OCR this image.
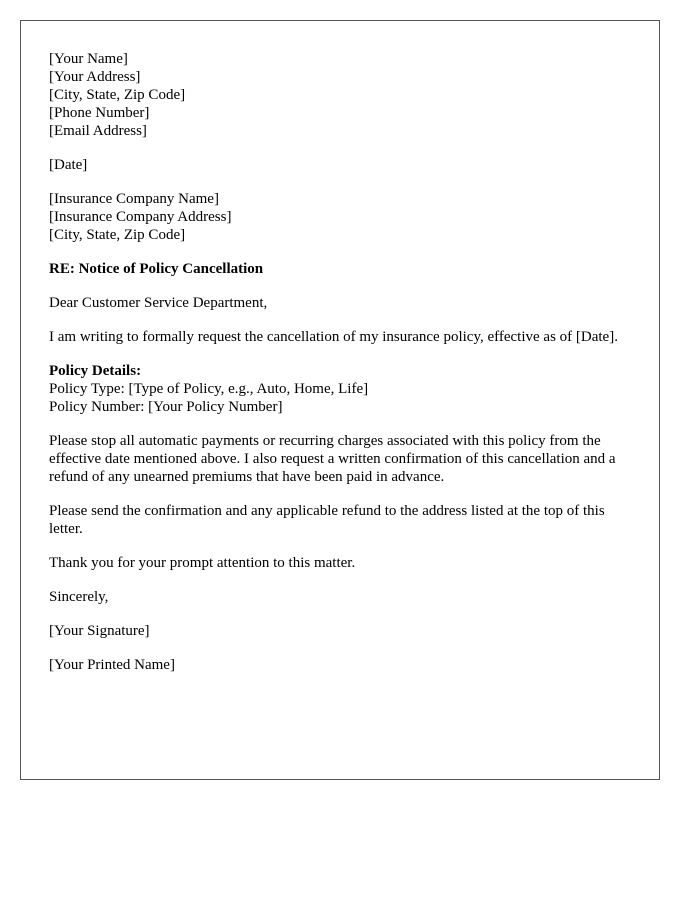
[Your Name]
[Your Address]
[City, State, Zip Code]
[Phone Number]
[Email Address]
[Date]
[Insurance Company Name]
[Insurance Company Address]
[City, State, Zip Code]

RE: Notice of Policy Cancellation

Dear Customer Service Department,

I am writing to formally request the cancellation of my insurance policy, effective as of [Date].

Policy Details:
Policy Type: [Type of Policy, e.g., Auto, Home, Life]
Policy Number: [Your Policy Number]

Please stop all automatic payments or recurring charges associated with this policy from the effective date mentioned above. I also request a written confirmation of this cancellation and a refund of any unearned premiums that have been paid in advance.

Please send the confirmation and any applicable refund to the address listed at the top of this letter.

Thank you for your prompt attention to this matter.

Sincerely,

[Your Signature]

[Your Printed Name]
